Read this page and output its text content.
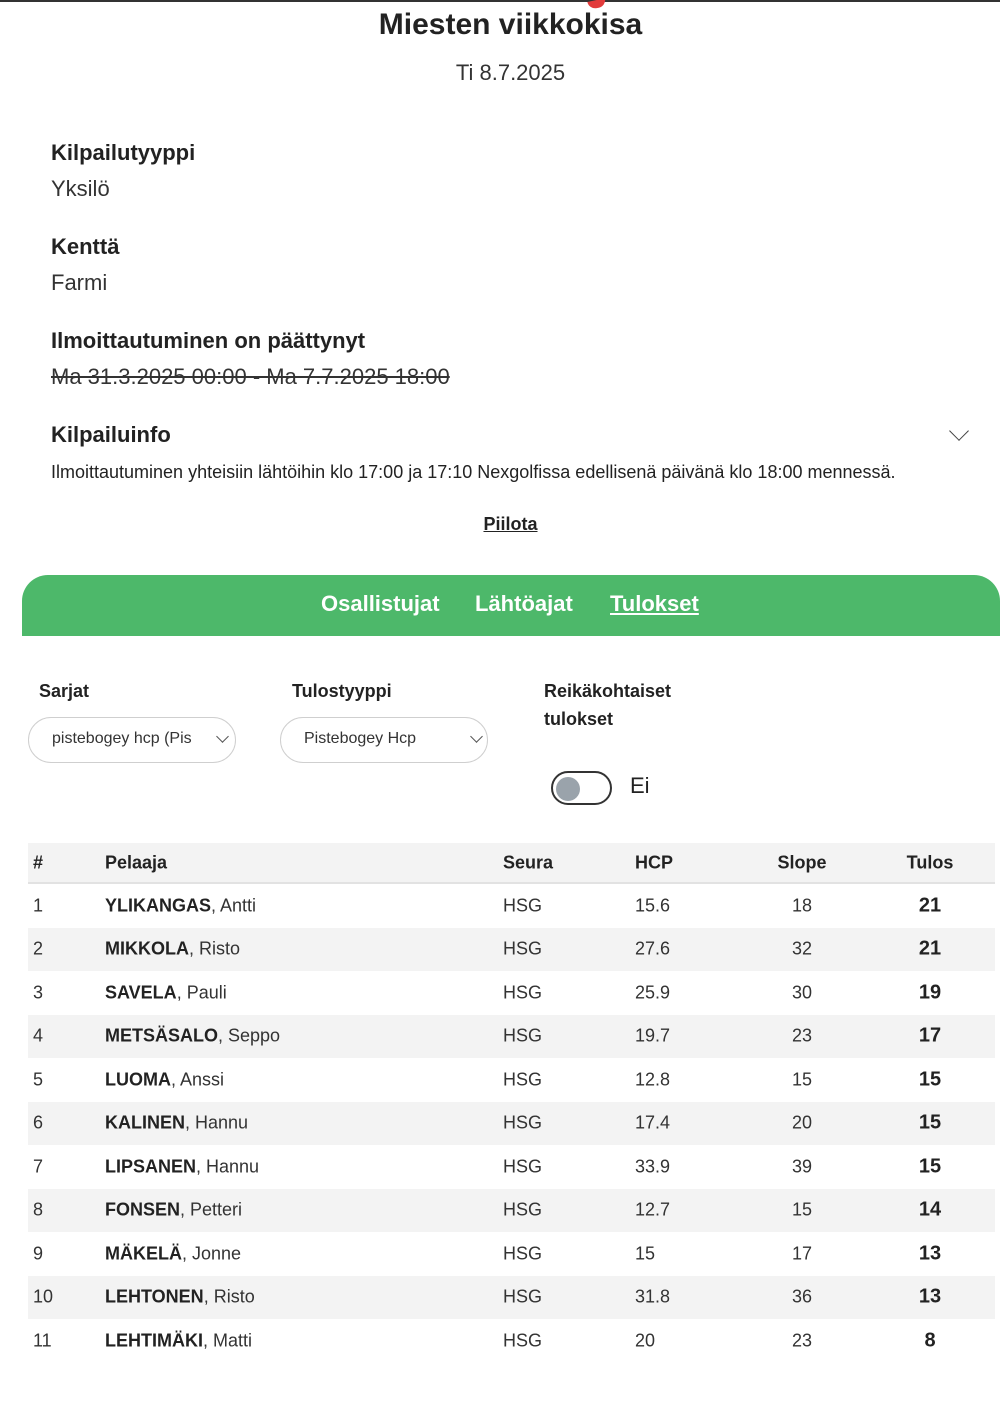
Miesten viikkokisa
Ti 8.7.2025
Kilpailutyyppi
Yksilö
Kenttä
Farmi
Ilmoittautuminen on päättynyt
Ma 31.3.2025 00:00 - Ma 7.7.2025 18:00
Kilpailuinfo
Ilmoittautuminen yhteisiin lähtöihin klo 17:00 ja 17:10 Nexgolfissa edellisenä päivänä klo 18:00 mennessä.
Piilota
Osallistujat Lähtöajat Tulokset
Sarjat
pistebogey hcp (Pis
Tulostyyppi
Pistebogey Hcp
Reikäkohtaiset
tulokset
Ei
#	Pelaaja	Seura	HCP	Slope	Tulos
1	YLIKANGAS, Antti	HSG	15.6	18	21
2	MIKKOLA, Risto	HSG	27.6	32	21
3	SAVELA, Pauli	HSG	25.9	30	19
4	METSÄSALO, Seppo	HSG	19.7	23	17
5	LUOMA, Anssi	HSG	12.8	15	15
6	KALINEN, Hannu	HSG	17.4	20	15
7	LIPSANEN, Hannu	HSG	33.9	39	15
8	FONSEN, Petteri	HSG	12.7	15	14
9	MÄKELÄ, Jonne	HSG	15	17	13
10	LEHTONEN, Risto	HSG	31.8	36	13
11	LEHTIMÄKI, Matti	HSG	20	23	8
